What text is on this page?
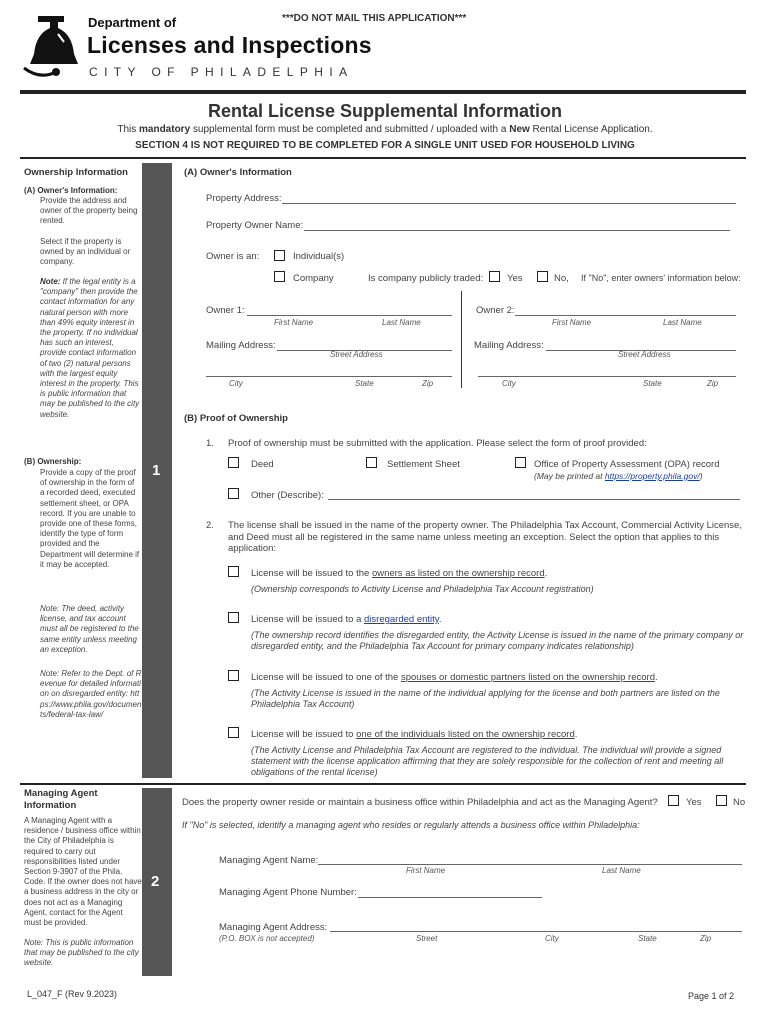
Department of
Licenses and Inspections
CITY OF PHILADELPHIA
***DO NOT MAIL THIS APPLICATION***
Rental License Supplemental Information
This mandatory supplemental form must be completed and submitted / uploaded with a New Rental License Application.
SECTION 4 IS NOT REQUIRED TO BE COMPLETED FOR A SINGLE UNIT USED FOR HOUSEHOLD LIVING
Ownership Information
(A) Owner's Information:
Provide the address and owner of the property being rented.
Select if the property is owned by an individual or company.
Note: If the legal entity is a "company" then provide the contact information for any natural person with more than 49% equity interest in the property. If no individual has such an interest, provide contact information of two (2) natural persons with the largest equity interest in the property. This is public information that may be published to the city website.
(B) Ownership:
Provide a copy of the proof of ownership in the form of a recorded deed, executed settlement sheet, or OPA record. If you are unable to provide one of these forms, identify the type of form provided and the Department will determine if it may be accepted.
Note: The deed, activity license, and tax account must all be registered to the same entity unless meeting an exception.
Note: Refer to the Dept. of Revenue for detailed information on disregarded entity: https://www.phila.gov/documents/federal-tax-law/
1
(A) Owner's Information
Property Address:
Property Owner Name:
Owner is an:	Individual(s)
Company	Is company publicly traded:	Yes	No, If "No", enter owners' information below:
Owner 1:
First Name	Last Name
Mailing Address:
Street Address
City	State	Zip
Owner 2:
First Name	Last Name
Mailing Address:
Street Address
City	State	Zip
(B) Proof of Ownership
1. Proof of ownership must be submitted with the application. Please select the form of proof provided:
Deed	Settlement Sheet	Office of Property Assessment (OPA) record
(May be printed at https://property.phila.gov/)
Other (Describe):
2. The license shall be issued in the name of the property owner. The Philadelphia Tax Account, Commercial Activity License, and Deed must all be registered in the same name unless meeting an exception. Select the option that applies to this application:
License will be issued to the owners as listed on the ownership record.
(Ownership corresponds to Activity License and Philadelphia Tax Account registration)
License will be issued to a disregarded entity.
(The ownership record identifies the disregarded entity, the Activity License is issued in the name of the primary company or disregarded entity, and the Philadelphia Tax Account for primary company indicates relationship)
License will be issued to one of the spouses or domestic partners listed on the ownership record.
(The Activity License is issued in the name of the individual applying for the license and both partners are listed on the Philadelphia Tax Account)
License will be issued to one of the individuals listed on the ownership record.
(The Activity License and Philadelphia Tax Account are registered to the individual. The individual will provide a signed statement with the license application affirming that they are solely responsible for the collection of rent and meeting all obligations of the rental license)
Managing Agent Information
A Managing Agent with a residence / business office within the City of Philadelphia is required to carry out responsibilities listed under Section 9-3907 of the Phila. Code. If the owner does not have a business address in the city or does not act as a Managing Agent, contact for the Agent must be provided.
Note: This is public information that may be published to the city website.
2
Does the property owner reside or maintain a business office within Philadelphia and act as the Managing Agent?	Yes	No
If "No" is selected, identify a managing agent who resides or regularly attends a business office within Philadelphia:
Managing Agent Name:
First Name	Last Name
Managing Agent Phone Number:
Managing Agent Address:
(P.O. BOX is not accepted)	Street	City	State	Zip
L_047_F (Rev 9.2023)	Page 1 of 2
